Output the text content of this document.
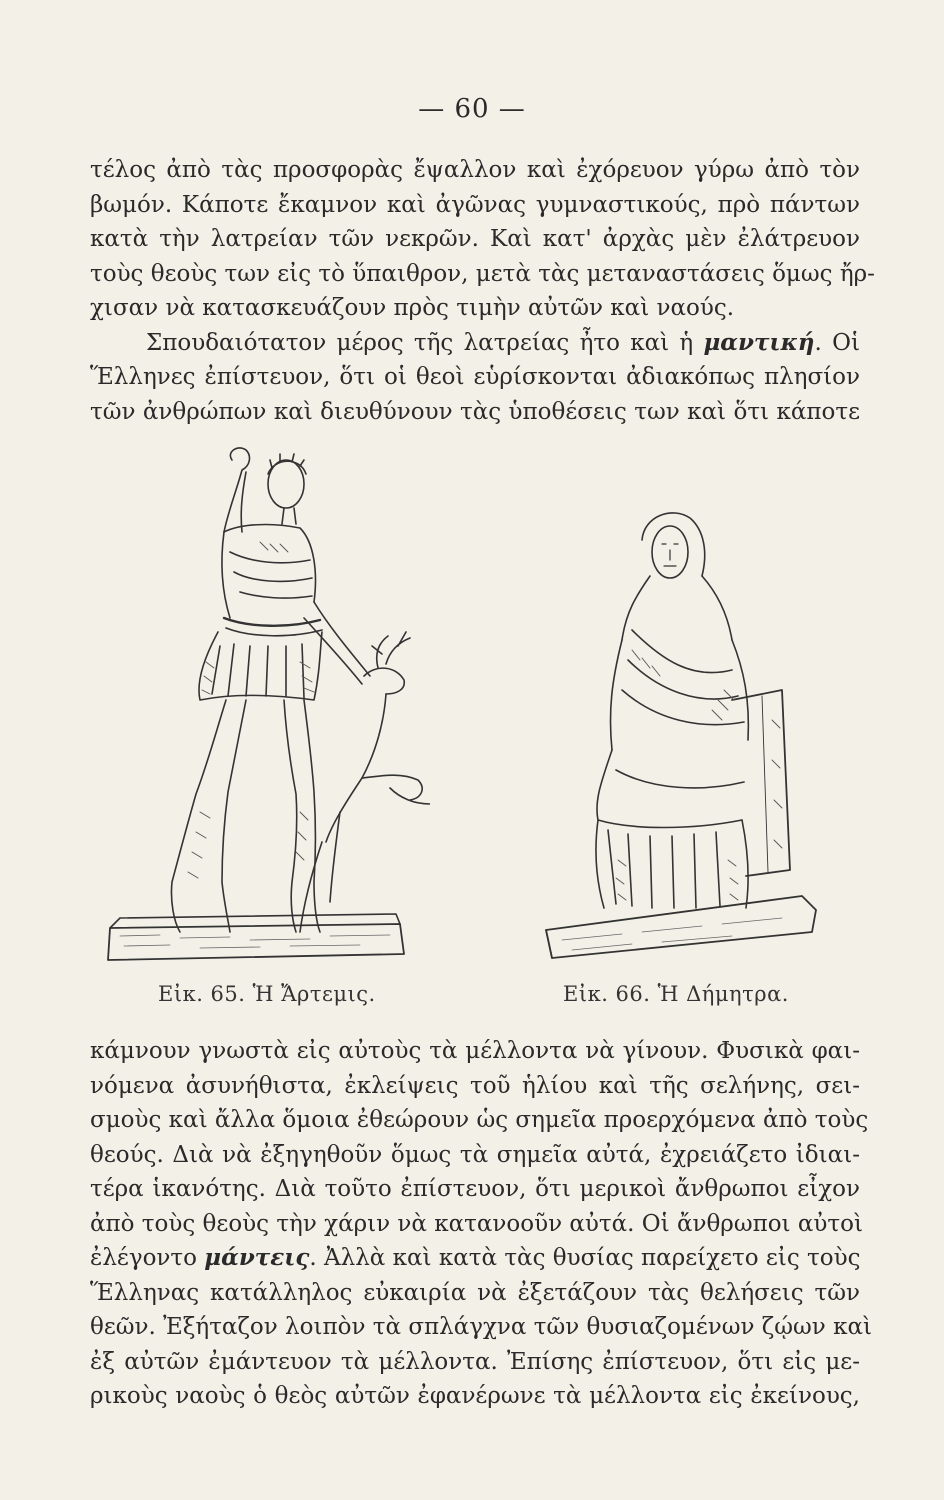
— 60 —
τέλος ἀπὸ τὰς προσφορὰς ἔψαλλον καὶ ἐχόρευον γύρω ἀπὸ τὸν
βωμόν. Κάποτε ἔκαμνον καὶ ἀγῶνας γυμναστικούς, πρὸ πάντων
κατὰ τὴν λατρείαν τῶν νεκρῶν. Καὶ κατ' ἀρχὰς μὲν ἐλάτρευον
τοὺς θεοὺς των εἰς τὸ ὕπαιθρον, μετὰ τὰς μεταναστάσεις ὅμως ἤρ-
χισαν νὰ κατασκευάζουν πρὸς τιμὴν αὐτῶν καὶ ναούς.
Σπουδαιότατον μέρος τῆς λατρείας ἦτο καὶ ἡ μαντική. Οἱ
Ἕλληνες ἐπίστευον, ὅτι οἱ θεοὶ εὑρίσκονται ἀδιακόπως πλησίον
τῶν ἀνθρώπων καὶ διευθύνουν τὰς ὑποθέσεις των καὶ ὅτι κάποτε
Εἰκ. 65. Ἡ Ἄρτεμις.	Εἰκ. 66. Ἡ Δήμητρα.
κάμνουν γνωστὰ εἰς αὐτοὺς τὰ μέλλοντα νὰ γίνουν. Φυσικὰ φαι-
νόμενα ἀσυνήθιστα, ἐκλείψεις τοῦ ἡλίου καὶ τῆς σελήνης, σει-
σμοὺς καὶ ἄλλα ὅμοια ἐθεώρουν ὡς σημεῖα προερχόμενα ἀπὸ τοὺς
θεούς. Διὰ νὰ ἐξηγηθοῦν ὅμως τὰ σημεῖα αὐτά, ἐχρειάζετο ἰδιαι-
τέρα ἱκανότης. Διὰ τοῦτο ἐπίστευον, ὅτι μερικοὶ ἄνθρωποι εἶχον
ἀπὸ τοὺς θεοὺς τὴν χάριν νὰ κατανοοῦν αὐτά. Οἱ ἄνθρωποι αὐτοὶ
ἐλέγοντο μάντεις. Ἀλλὰ καὶ κατὰ τὰς θυσίας παρείχετο εἰς τοὺς
Ἕλληνας κατάλληλος εὐκαιρία νὰ ἐξετάζουν τὰς θελήσεις τῶν
θεῶν. Ἐξήταζον λοιπὸν τὰ σπλάγχνα τῶν θυσιαζομένων ζῴων καὶ
ἐξ αὐτῶν ἐμάντευον τὰ μέλλοντα. Ἐπίσης ἐπίστευον, ὅτι εἰς με-
ρικοὺς ναοὺς ὁ θεὸς αὐτῶν ἐφανέρωνε τὰ μέλλοντα εἰς ἐκείνους,
